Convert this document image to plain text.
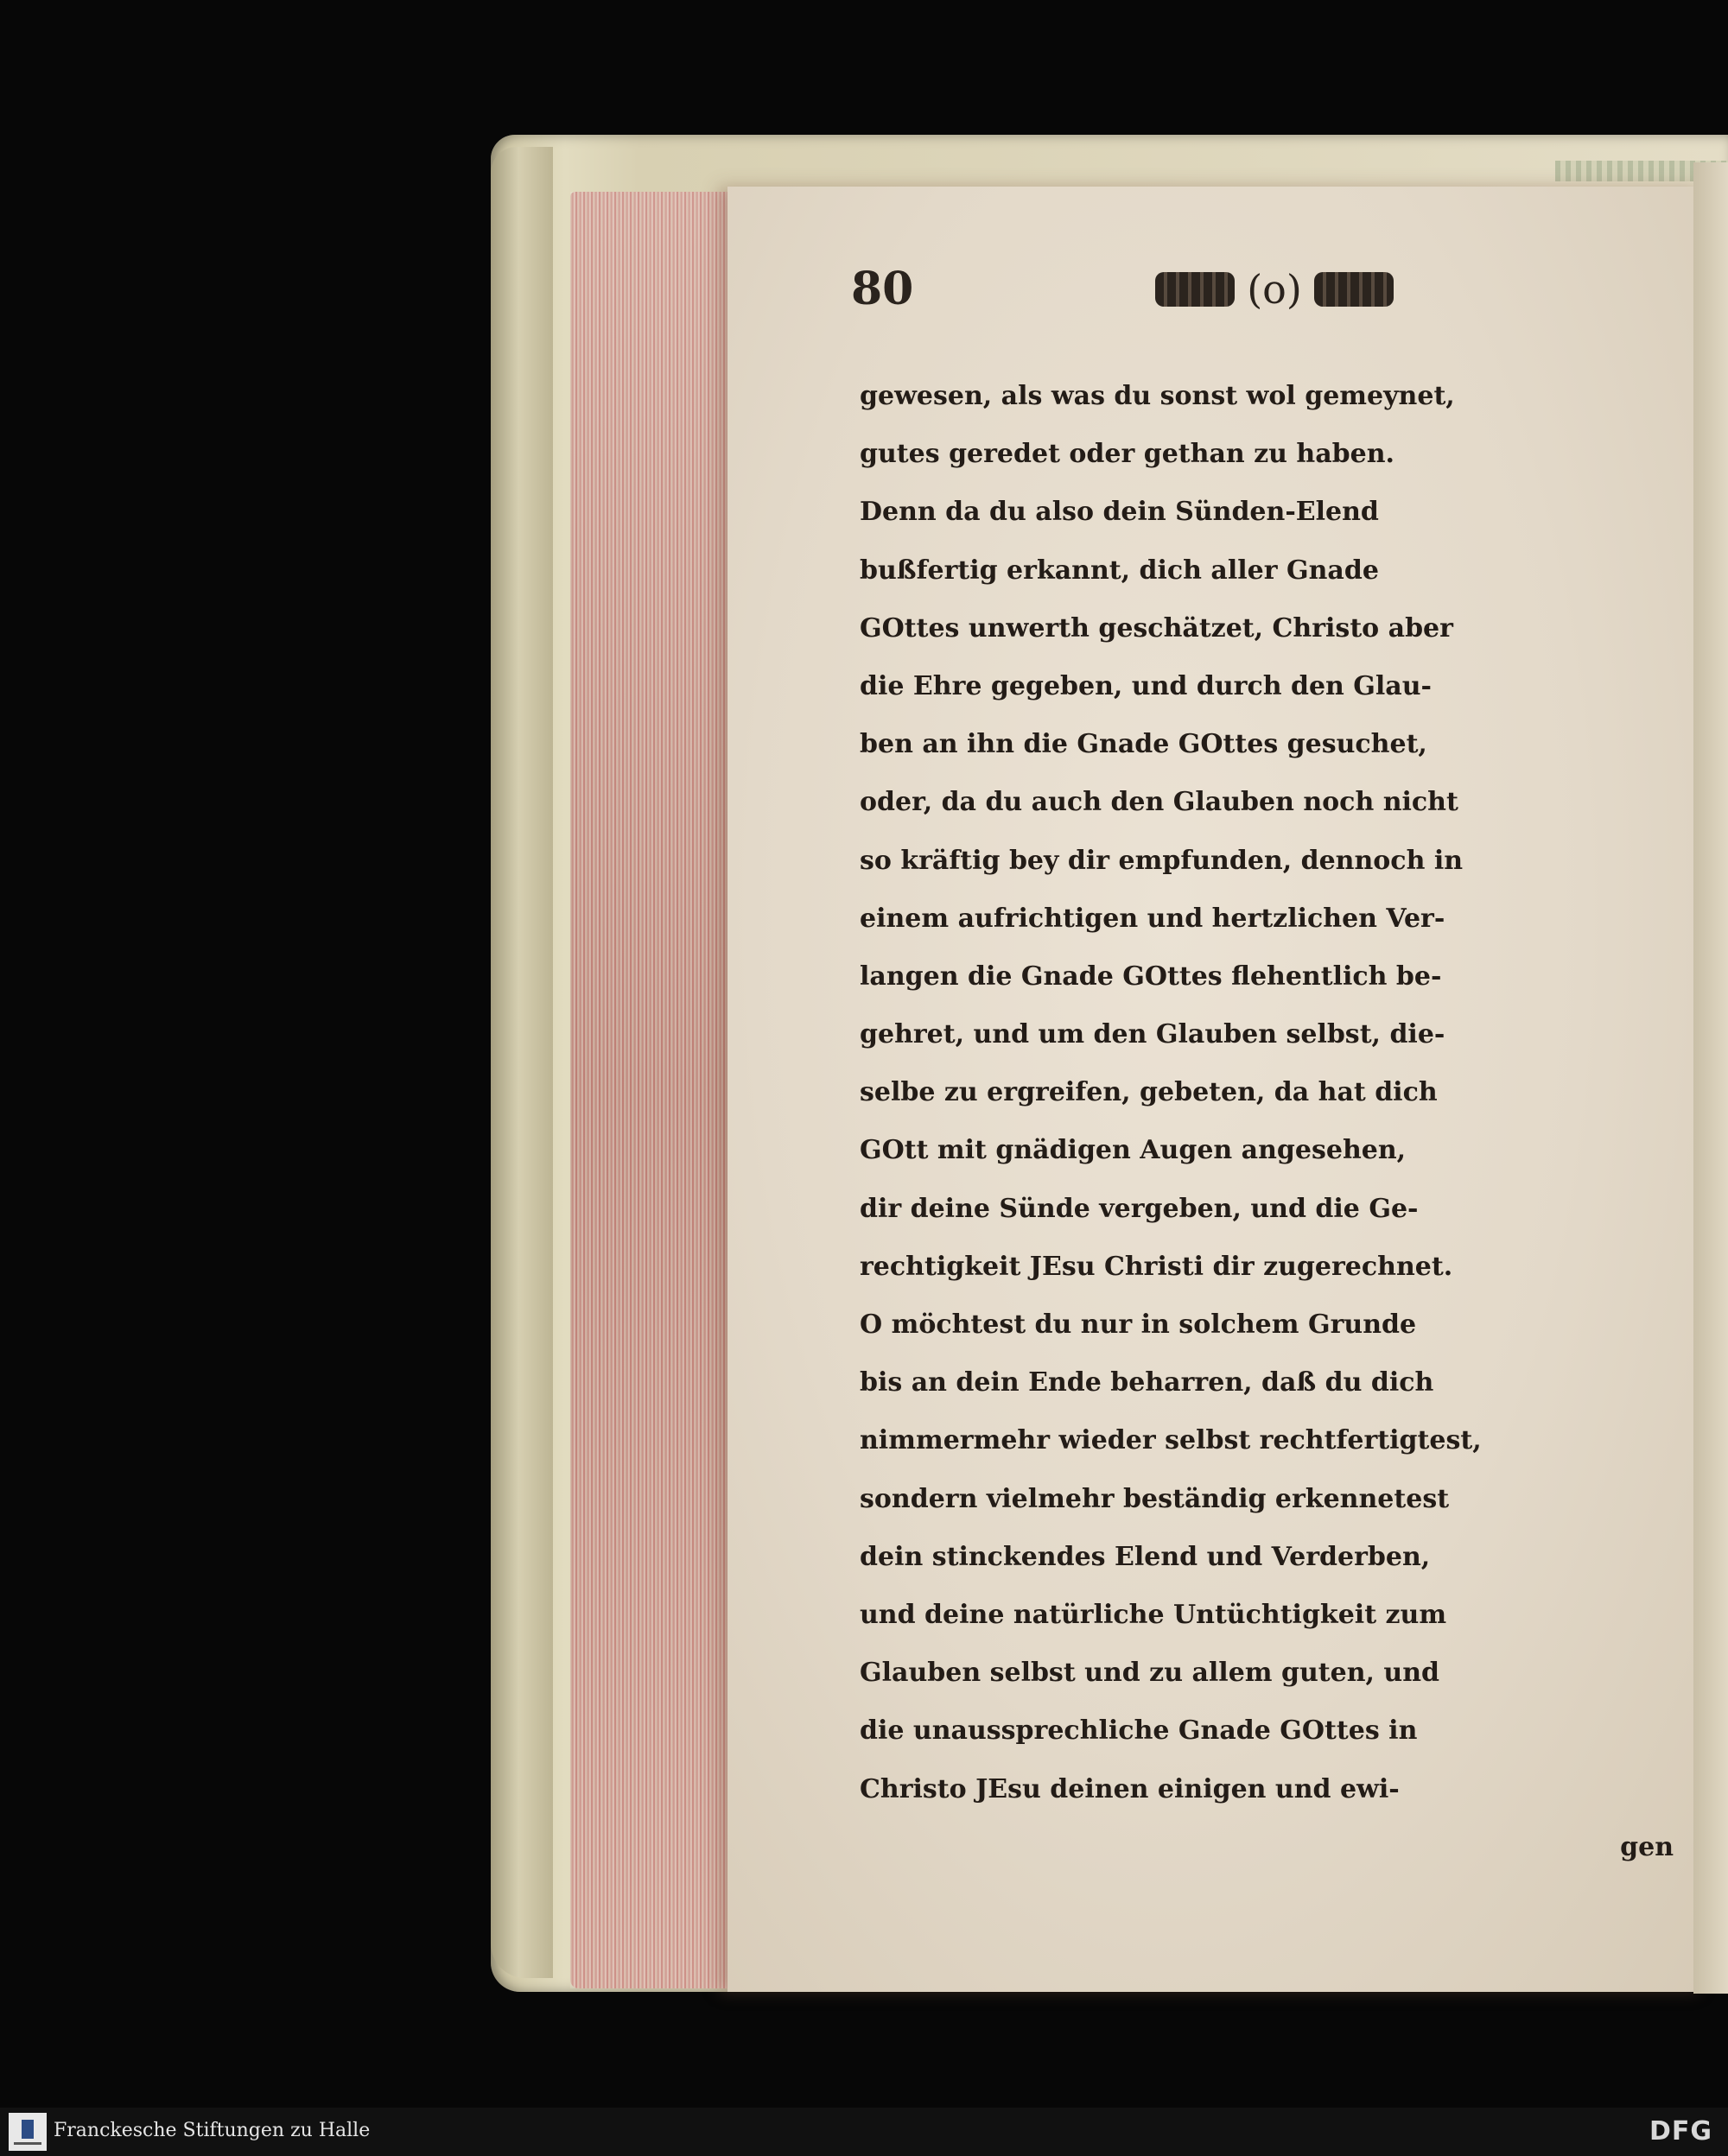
80	(o)
gewesen, als was du sonst wol gemeynet,
gutes geredet oder gethan zu haben.
Denn da du also dein Sünden-Elend
bußfertig erkannt, dich aller Gnade
GOttes unwerth geschätzet, Christo aber
die Ehre gegeben, und durch den Glau-
ben an ihn die Gnade GOttes gesuchet,
oder, da du auch den Glauben noch nicht
so kräftig bey dir empfunden, dennoch in
einem aufrichtigen und hertzlichen Ver-
langen die Gnade GOttes flehentlich be-
gehret, und um den Glauben selbst, die-
selbe zu ergreifen, gebeten, da hat dich
GOtt mit gnädigen Augen angesehen,
dir deine Sünde vergeben, und die Ge-
rechtigkeit JEsu Christi dir zugerechnet.
O möchtest du nur in solchem Grunde
bis an dein Ende beharren, daß du dich
nimmermehr wieder selbst rechtfertigtest,
sondern vielmehr beständig erkennetest
dein stinckendes Elend und Verderben,
und deine natürliche Untüchtigkeit zum
Glauben selbst und zu allem guten, und
die unaussprechliche Gnade GOttes in
Christo JEsu deinen einigen und ewi-
gen
Franckesche Stiftungen zu Halle	DFG
